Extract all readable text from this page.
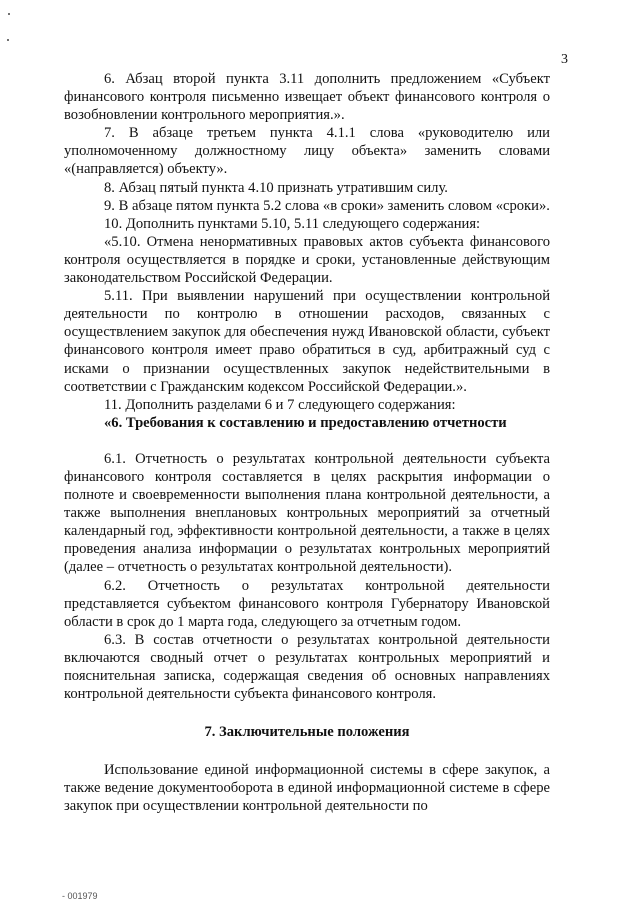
3

6. Абзац второй пункта 3.11 дополнить предложением «Субъект финансового контроля письменно извещает объект финансового контроля о возобновлении контрольного мероприятия.».

7. В абзаце третьем пункта 4.1.1 слова «руководителю или уполномоченному должностному лицу объекта» заменить словами «(направляется) объекту».

8. Абзац пятый пункта 4.10 признать утратившим силу.

9. В абзаце пятом пункта 5.2 слова «в сроки» заменить словом «сроки».

10. Дополнить пунктами 5.10, 5.11 следующего содержания:

«5.10. Отмена ненормативных правовых актов субъекта финансового контроля осуществляется в порядке и сроки, установленные действующим законодательством Российской Федерации.

5.11. При выявлении нарушений при осуществлении контрольной деятельности по контролю в отношении расходов, связанных с осуществлением закупок для обеспечения нужд Ивановской области, субъект финансового контроля имеет право обратиться в суд, арбитражный суд с исками о признании осуществленных закупок недействительными в соответствии с Гражданским кодексом Российской Федерации.».

11. Дополнить разделами 6 и 7 следующего содержания:

«6. Требования к составлению и предоставлению отчетности

6.1. Отчетность о результатах контрольной деятельности субъекта финансового контроля составляется в целях раскрытия информации о полноте и своевременности выполнения плана контрольной деятельности, а также выполнения внеплановых контрольных мероприятий за отчетный календарный год, эффективности контрольной деятельности, а также в целях проведения анализа информации о результатах контрольных мероприятий (далее – отчетность о результатах контрольной деятельности).

6.2. Отчетность о результатах контрольной деятельности представляется субъектом финансового контроля Губернатору Ивановской области в срок до 1 марта года, следующего за отчетным годом.

6.3. В состав отчетности о результатах контрольной деятельности включаются сводный отчет о результатах контрольных мероприятий и пояснительная записка, содержащая сведения об основных направлениях контрольной деятельности субъекта финансового контроля.

7. Заключительные положения

Использование единой информационной системы в сфере закупок, а также ведение документооборота в единой информационной системе в сфере закупок при осуществлении контрольной деятельности по

- 001979
